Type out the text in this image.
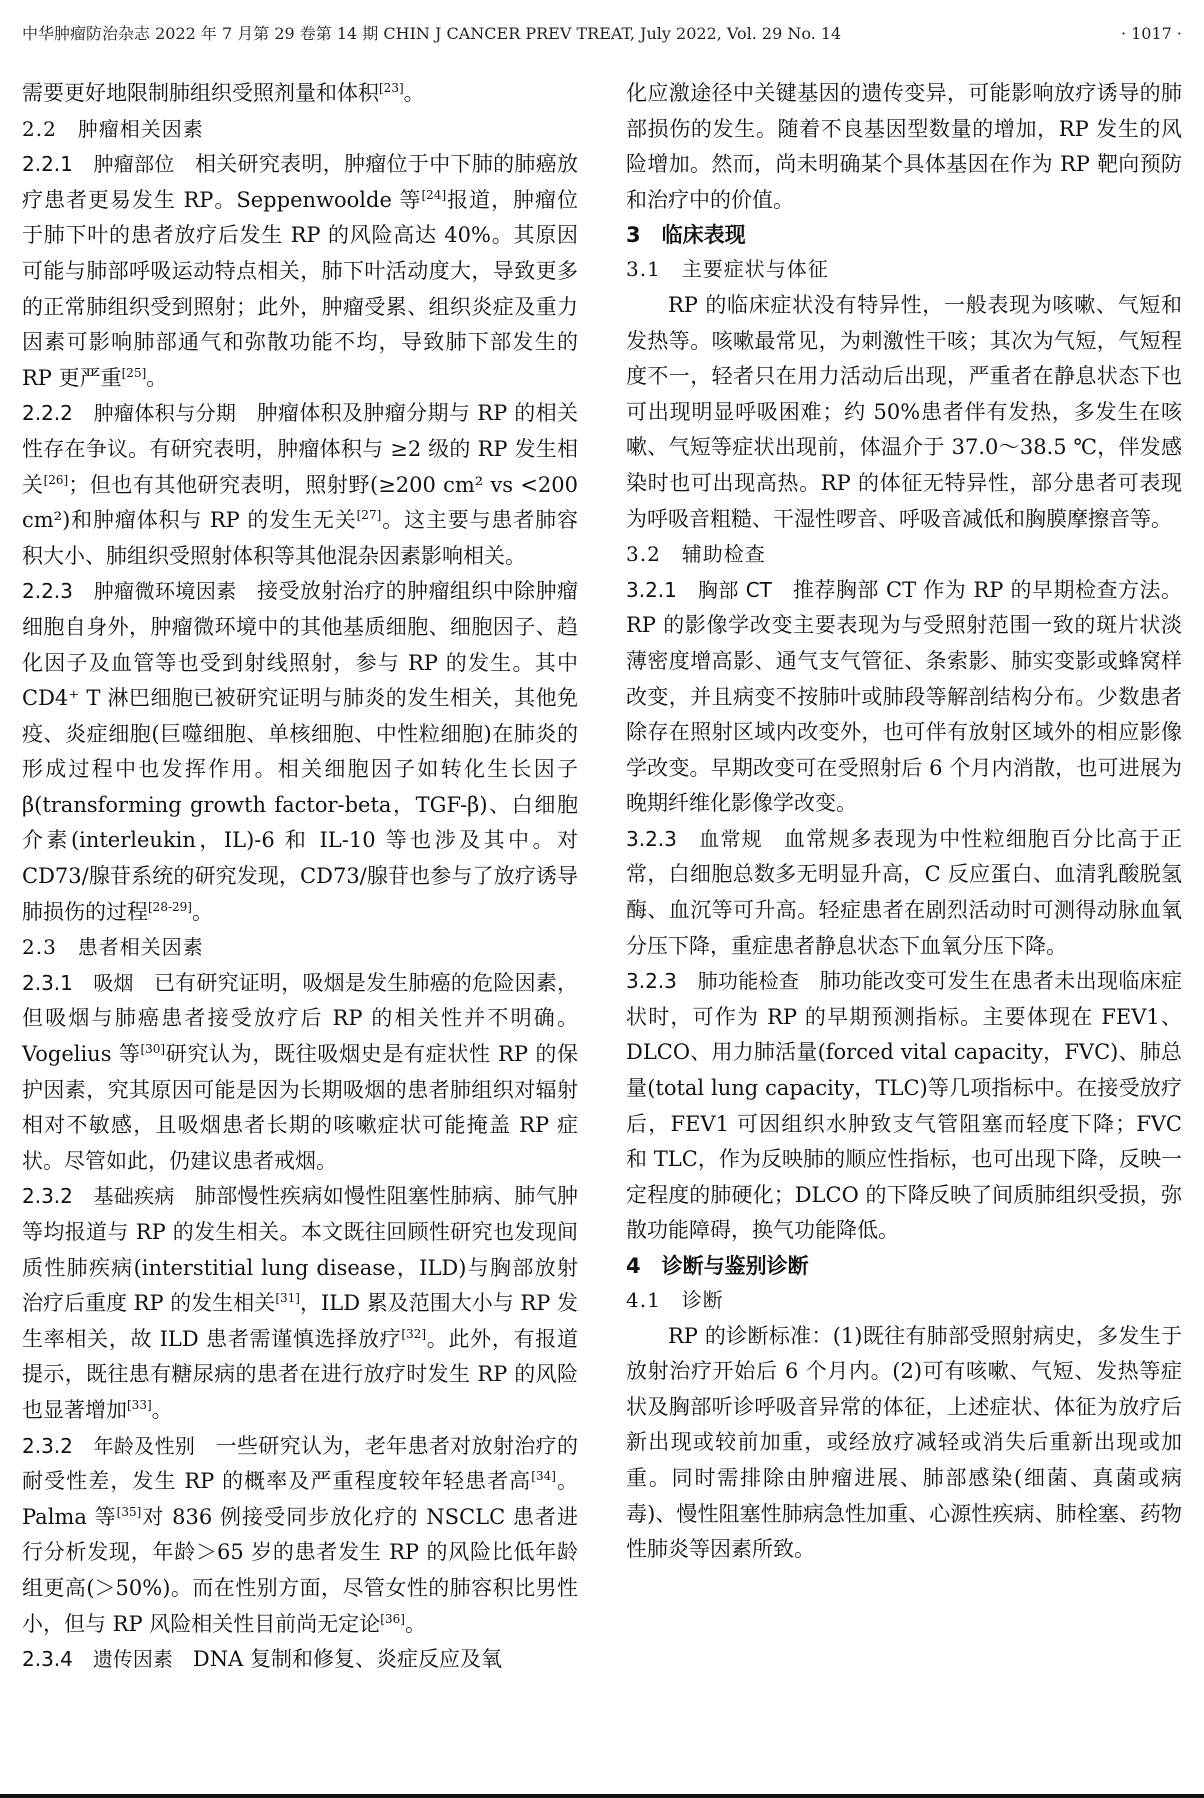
中华肿瘤防治杂志 2022 年 7 月第 29 卷第 14 期 CHIN J CANCER PREV TREAT, July 2022, Vol. 29 No. 14	· 1017 ·

需要更好地限制肺组织受照剂量和体积[23]。

2.2　肿瘤相关因素

2.2.1　肿瘤部位　相关研究表明，肿瘤位于中下肺的肺癌放疗患者更易发生 RP。Seppenwoolde 等[24]报道，肿瘤位于肺下叶的患者放疗后发生 RP 的风险高达 40%。其原因可能与肺部呼吸运动特点相关，肺下叶活动度大，导致更多的正常肺组织受到照射；此外，肿瘤受累、组织炎症及重力因素可影响肺部通气和弥散功能不均，导致肺下部发生的 RP 更严重[25]。

2.2.2　肿瘤体积与分期　肿瘤体积及肿瘤分期与 RP 的相关性存在争议。有研究表明，肿瘤体积与 ≥2 级的 RP 发生相关[26]；但也有其他研究表明，照射野(≥200 cm² vs <200 cm²)和肿瘤体积与 RP 的发生无关[27]。这主要与患者肺容积大小、肺组织受照射体积等其他混杂因素影响相关。

2.2.3　肿瘤微环境因素　接受放射治疗的肿瘤组织中除肿瘤细胞自身外，肿瘤微环境中的其他基质细胞、细胞因子、趋化因子及血管等也受到射线照射，参与 RP 的发生。其中 CD4⁺ T 淋巴细胞已被研究证明与肺炎的发生相关，其他免疫、炎症细胞(巨噬细胞、单核细胞、中性粒细胞)在肺炎的形成过程中也发挥作用。相关细胞因子如转化生长因子 β(transforming growth factor-beta，TGF-β)、白细胞介素(interleukin，IL)-6 和 IL-10 等也涉及其中。对 CD73/腺苷系统的研究发现，CD73/腺苷也参与了放疗诱导肺损伤的过程[28-29]。

2.3　患者相关因素

2.3.1　吸烟　已有研究证明，吸烟是发生肺癌的危险因素，但吸烟与肺癌患者接受放疗后 RP 的相关性并不明确。Vogelius 等[30]研究认为，既往吸烟史是有症状性 RP 的保护因素，究其原因可能是因为长期吸烟的患者肺组织对辐射相对不敏感，且吸烟患者长期的咳嗽症状可能掩盖 RP 症状。尽管如此，仍建议患者戒烟。

2.3.2　基础疾病　肺部慢性疾病如慢性阻塞性肺病、肺气肿等均报道与 RP 的发生相关。本文既往回顾性研究也发现间质性肺疾病(interstitial lung disease，ILD)与胸部放射治疗后重度 RP 的发生相关[31]，ILD 累及范围大小与 RP 发生率相关，故 ILD 患者需谨慎选择放疗[32]。此外，有报道提示，既往患有糖尿病的患者在进行放疗时发生 RP 的风险也显著增加[33]。

2.3.2　年龄及性别　一些研究认为，老年患者对放射治疗的耐受性差，发生 RP 的概率及严重程度较年轻患者高[34]。Palma 等[35]对 836 例接受同步放化疗的 NSCLC 患者进行分析发现，年龄＞65 岁的患者发生 RP 的风险比低年龄组更高(＞50%)。而在性别方面，尽管女性的肺容积比男性小，但与 RP 风险相关性目前尚无定论[36]。

2.3.4　遗传因素　DNA 复制和修复、炎症反应及氧

化应激途径中关键基因的遗传变异，可能影响放疗诱导的肺部损伤的发生。随着不良基因型数量的增加，RP 发生的风险增加。然而，尚未明确某个具体基因在作为 RP 靶向预防和治疗中的价值。

3　临床表现

3.1　主要症状与体征

RP 的临床症状没有特异性，一般表现为咳嗽、气短和发热等。咳嗽最常见，为刺激性干咳；其次为气短，气短程度不一，轻者只在用力活动后出现，严重者在静息状态下也可出现明显呼吸困难；约 50%患者伴有发热，多发生在咳嗽、气短等症状出现前，体温介于 37.0～38.5 ℃，伴发感染时也可出现高热。RP 的体征无特异性，部分患者可表现为呼吸音粗糙、干湿性啰音、呼吸音减低和胸膜摩擦音等。

3.2　辅助检查

3.2.1　胸部 CT　推荐胸部 CT 作为 RP 的早期检查方法。RP 的影像学改变主要表现为与受照射范围一致的斑片状淡薄密度增高影、通气支气管征、条索影、肺实变影或蜂窝样改变，并且病变不按肺叶或肺段等解剖结构分布。少数患者除存在照射区域内改变外，也可伴有放射区域外的相应影像学改变。早期改变可在受照射后 6 个月内消散，也可进展为晚期纤维化影像学改变。

3.2.3　血常规　血常规多表现为中性粒细胞百分比高于正常，白细胞总数多无明显升高，C 反应蛋白、血清乳酸脱氢酶、血沉等可升高。轻症患者在剧烈活动时可测得动脉血氧分压下降，重症患者静息状态下血氧分压下降。

3.2.3　肺功能检查　肺功能改变可发生在患者未出现临床症状时，可作为 RP 的早期预测指标。主要体现在 FEV1、DLCO、用力肺活量(forced vital capacity，FVC)、肺总量(total lung capacity，TLC)等几项指标中。在接受放疗后，FEV1 可因组织水肿致支气管阻塞而轻度下降；FVC 和 TLC，作为反映肺的顺应性指标，也可出现下降，反映一定程度的肺硬化；DLCO 的下降反映了间质肺组织受损，弥散功能障碍，换气功能降低。

4　诊断与鉴别诊断

4.1　诊断

RP 的诊断标准：(1)既往有肺部受照射病史，多发生于放射治疗开始后 6 个月内。(2)可有咳嗽、气短、发热等症状及胸部听诊呼吸音异常的体征，上述症状、体征为放疗后新出现或较前加重，或经放疗减轻或消失后重新出现或加重。同时需排除由肿瘤进展、肺部感染(细菌、真菌或病毒)、慢性阻塞性肺病急性加重、心源性疾病、肺栓塞、药物性肺炎等因素所致。
